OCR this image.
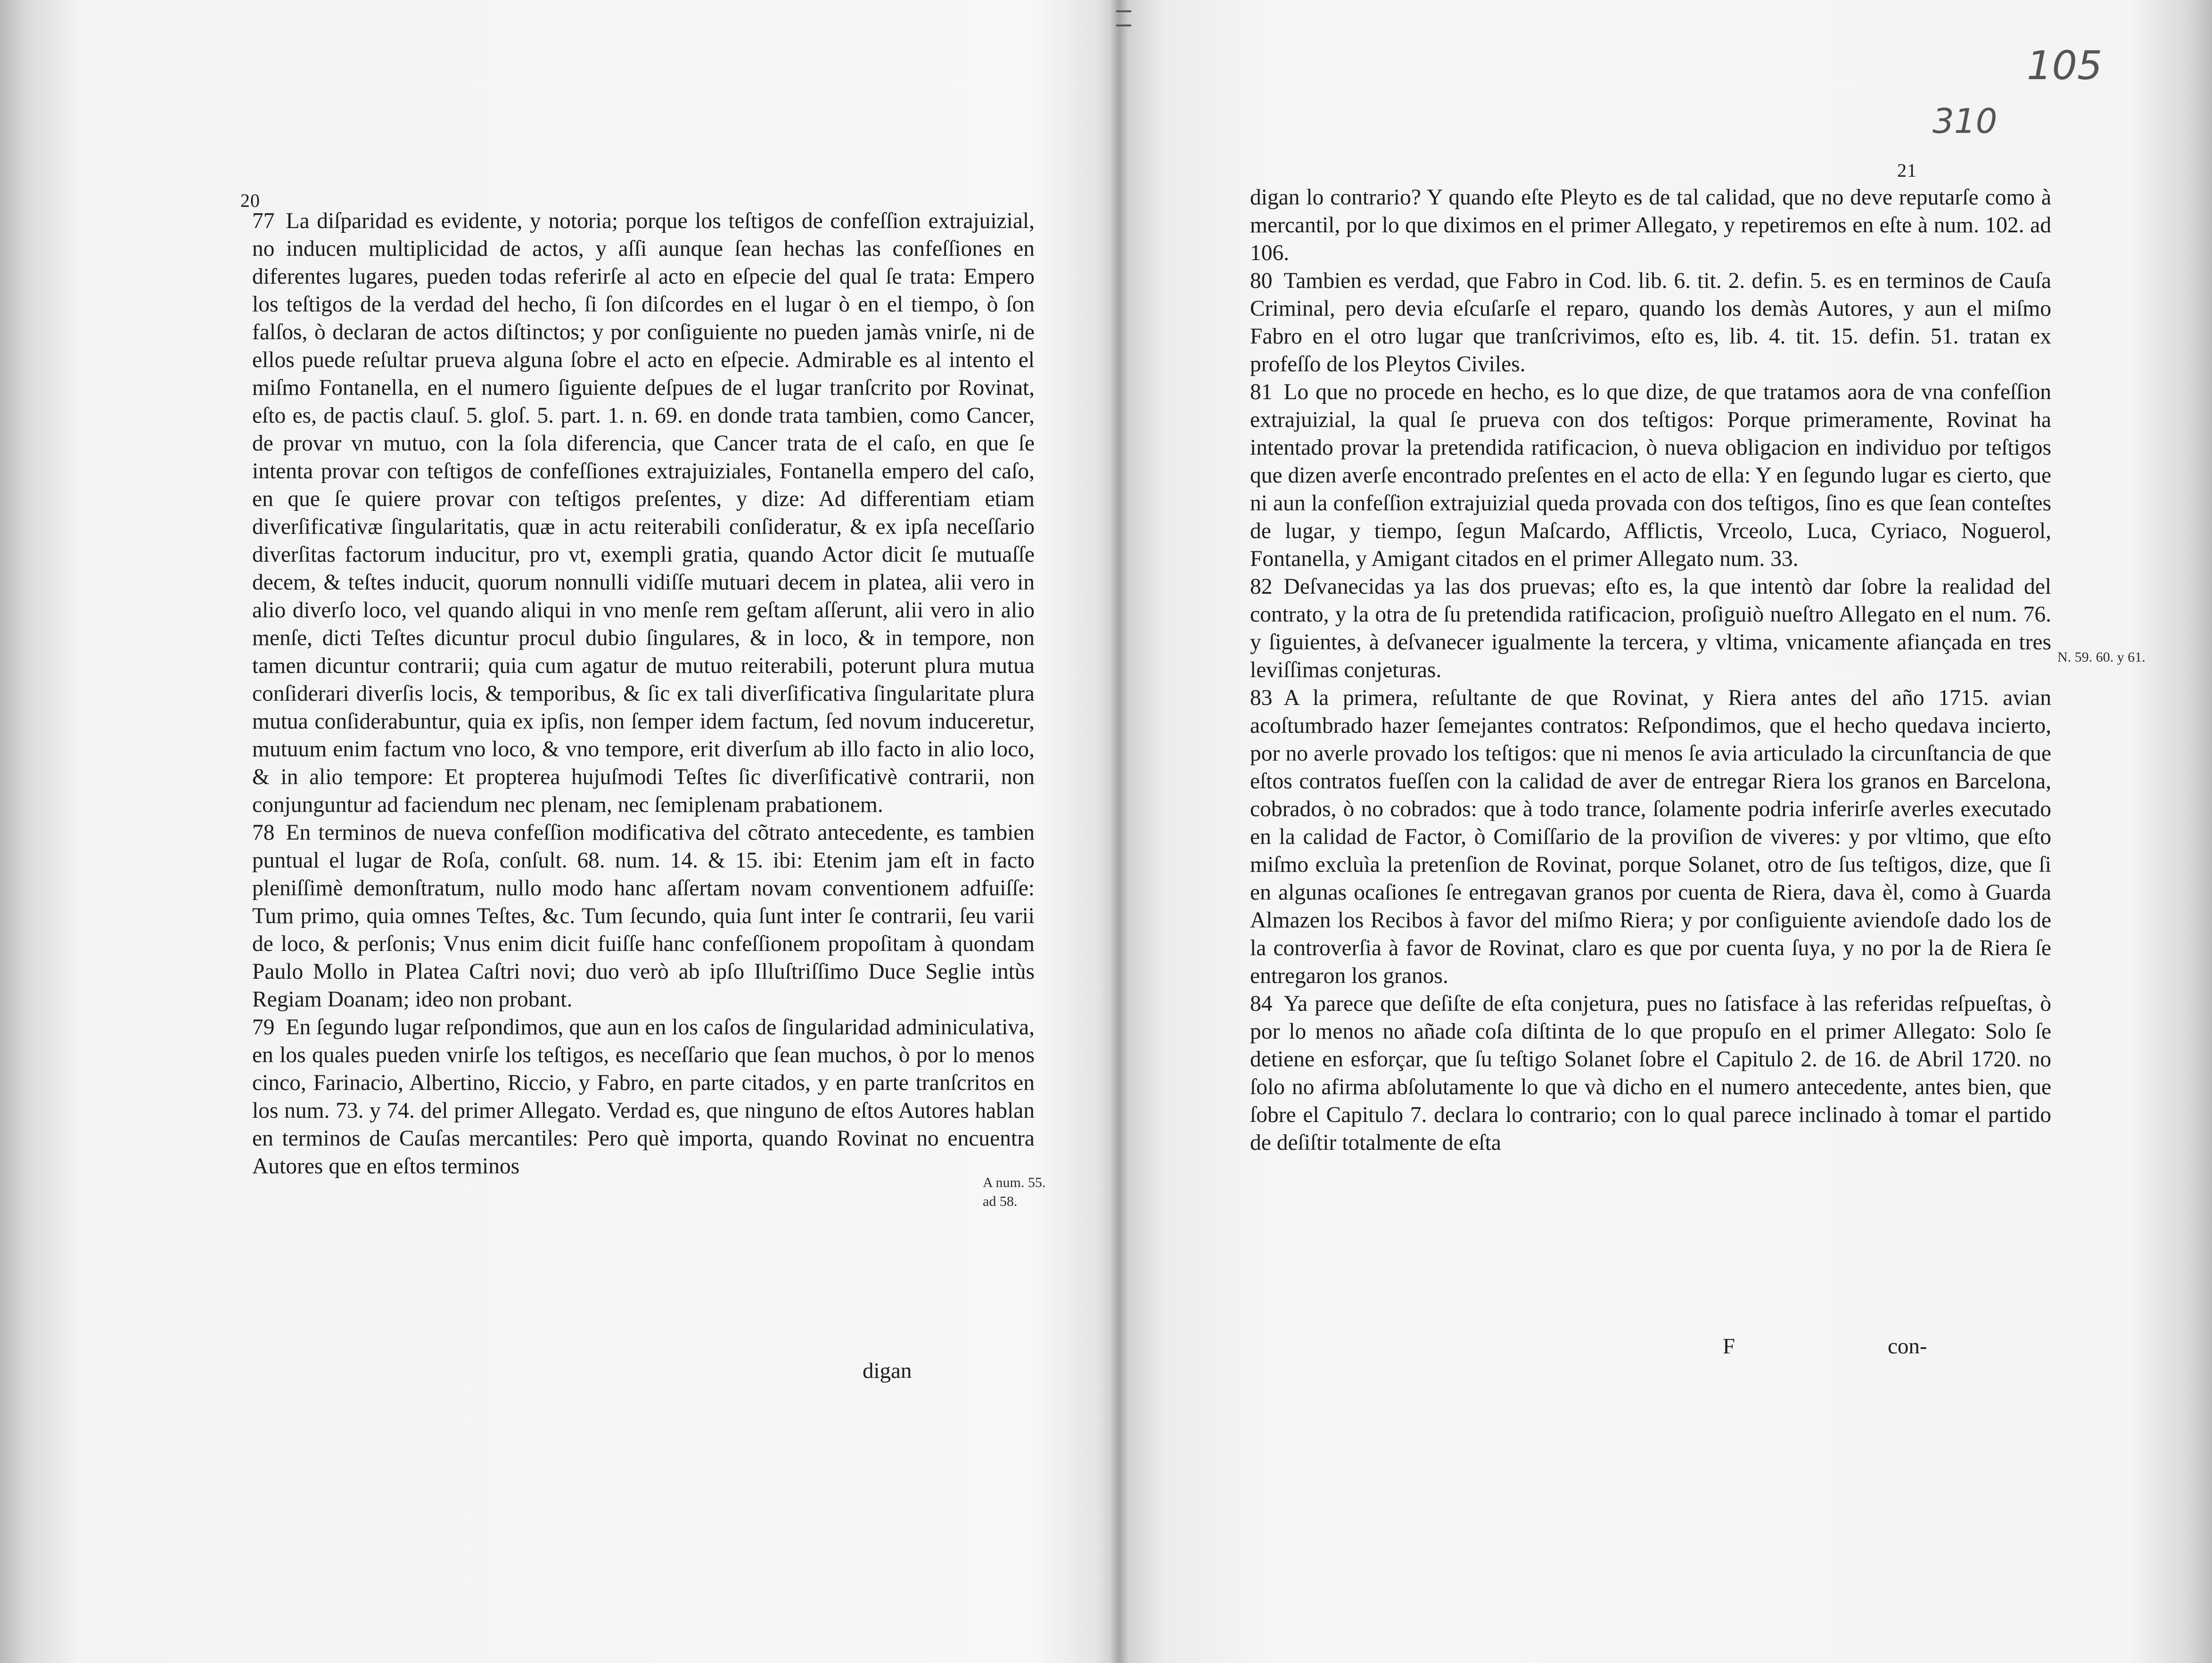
20

77 La diſparidad es evidente, y notoria; porque los teſtigos de confeſſion extrajuizial, no inducen multiplicidad de actos, y aſſi aunque ſean hechas las confeſſiones en diferentes lugares, pueden todas referirſe al acto en eſpecie del qual ſe trata: Empero los teſtigos de la verdad del hecho, ſi ſon diſcordes en el lugar ò en el tiempo, ò ſon falſos, ò declaran de actos diſtinctos; y por conſiguiente no pueden jamàs vnirſe, ni de ellos puede reſultar prueva alguna ſobre el acto en eſpecie. Admirable es al intento el miſmo Fontanella, en el numero ſiguiente deſpues de el lugar tranſcrito por Rovinat, eſto es, de pactis clauſ. 5. gloſ. 5. part. 1. n. 69. en donde trata tambien, como Cancer, de provar vn mutuo, con la ſola diferencia, que Cancer trata de el caſo, en que ſe intenta provar con teſtigos de confeſſiones extrajuiziales, Fontanella empero del caſo, en que ſe quiere provar con teſtigos preſentes, y dize: Ad differentiam etiam diverſificativæ ſingularitatis, quæ in actu reiterabili conſideratur, & ex ipſa neceſſario diverſitas factorum inducitur, pro vt, exempli gratia, quando Actor dicit ſe mutuaſſe decem, & teſtes inducit, quorum nonnulli vidiſſe mutuari decem in platea, alii vero in alio diverſo loco, vel quando aliqui in vno menſe rem geſtam aſſerunt, alii vero in alio menſe, dicti Teſtes dicuntur procul dubio ſingulares, & in loco, & in tempore, non tamen dicuntur contrarii; quia cum agatur de mutuo reiterabili, poterunt plura mutua conſiderari diverſis locis, & temporibus, & ſic ex tali diverſificativa ſingularitate plura mutua conſiderabuntur, quia ex ipſis, non ſemper idem factum, ſed novum induceretur, mutuum enim factum vno loco, & vno tempore, erit diverſum ab illo facto in alio loco, & in alio tempore: Et propterea hujuſmodi Teſtes ſic diverſificativè contrarii, non conjunguntur ad faciendum nec plenam, nec ſemiplenam prabationem.

78 En terminos de nueva confeſſion modificativa del cõtrato antecedente, es tambien puntual el lugar de Roſa, conſult. 68. num. 14. & 15. ibi: Etenim jam eſt in facto pleniſſimè demonſtratum, nullo modo hanc aſſertam novam conventionem adfuiſſe: Tum primo, quia omnes Teſtes, &c. Tum ſecundo, quia ſunt inter ſe contrarii, ſeu varii de loco, & perſonis; Vnus enim dicit fuiſſe hanc confeſſionem propoſitam à quondam Paulo Mollo in Platea Caſtri novi; duo verò ab ipſo Illuſtriſſimo Duce Seglie intùs Regiam Doanam; ideo non probant.

79 En ſegundo lugar reſpondimos, que aun en los caſos de ſingularidad adminiculativa, en los quales pueden vnirſe los teſtigos, es neceſſario que ſean muchos, ò por lo menos cinco, Farinacio, Albertino, Riccio, y Fabro, en parte citados, y en parte tranſcritos en los num. 73. y 74. del primer Allegato. Verdad es, que ninguno de eſtos Autores hablan en terminos de Cauſas mercantiles: Pero què importa, quando Rovinat no encuentra Autores que en eſtos terminos

digan
A num. 55. ad 58.
105
310
21

digan lo contrario? Y quando eſte Pleyto es de tal calidad, que no deve reputarſe como à mercantil, por lo que diximos en el primer Allegato, y repetiremos en eſte à num. 102. ad 106.

80 Tambien es verdad, que Fabro in Cod. lib. 6. tit. 2. defin. 5. es en terminos de Cauſa Criminal, pero devia eſcuſarſe el reparo, quando los demàs Autores, y aun el miſmo Fabro en el otro lugar que tranſcrivimos, eſto es, lib. 4. tit. 15. defin. 51. tratan ex profeſſo de los Pleytos Civiles.

81 Lo que no procede en hecho, es lo que dize, de que tratamos aora de vna confeſſion extrajuizial, la qual ſe prueva con dos teſtigos: Porque primeramente, Rovinat ha intentado provar la pretendida ratificacion, ò nueva obligacion en individuo por teſtigos que dizen averſe encontrado preſentes en el acto de ella: Y en ſegundo lugar es cierto, que ni aun la confeſſion extrajuizial queda provada con dos teſtigos, ſino es que ſean conteſtes de lugar, y tiempo, ſegun Maſcardo, Afflictis, Vrceolo, Luca, Cyriaco, Noguerol, Fontanella, y Amigant citados en el primer Allegato num. 33.

82 Deſvanecidas ya las dos pruevas; eſto es, la que intentò dar ſobre la realidad del contrato, y la otra de ſu pretendida ratificacion, proſiguiò nueſtro Allegato en el num. 76. y ſiguientes, à deſvanecer igualmente la tercera, y vltima, vnicamente afiançada en tres leviſſimas conjeturas.

83 A la primera, reſultante de que Rovinat, y Riera antes del año 1715. avian acoſtumbrado hazer ſemejantes contratos: Reſpondimos, que el hecho quedava incierto, por no averle provado los teſtigos: que ni menos ſe avia articulado la circunſtancia de que eſtos contratos fueſſen con la calidad de aver de entregar Riera los granos en Barcelona, cobrados, ò no cobrados: que à todo trance, ſolamente podria inferirſe averles executado en la calidad de Factor, ò Comiſſario de la proviſion de viveres: y por vltimo, que eſto miſmo excluìa la pretenſion de Rovinat, porque Solanet, otro de ſus teſtigos, dize, que ſi en algunas ocaſiones ſe entregavan granos por cuenta de Riera, dava èl, como à Guarda Almazen los Recibos à favor del miſmo Riera; y por conſiguiente aviendoſe dado los de la controverſia à favor de Rovinat, claro es que por cuenta ſuya, y no por la de Riera ſe entregaron los granos.

84 Ya parece que deſiſte de eſta conjetura, pues no ſatisface à las referidas reſpueſtas, ò por lo menos no añade coſa diſtinta de lo que propuſo en el primer Allegato: Solo ſe detiene en esforçar, que ſu teſtigo Solanet ſobre el Capitulo 2. de 16. de Abril 1720. no ſolo no afirma abſolutamente lo que và dicho en el numero antecedente, antes bien, que ſobre el Capitulo 7. declara lo contrario; con lo qual parece inclinado à tomar el partido de deſiſtir totalmente de eſta

F	con-
N. 59. 60. y 61.
